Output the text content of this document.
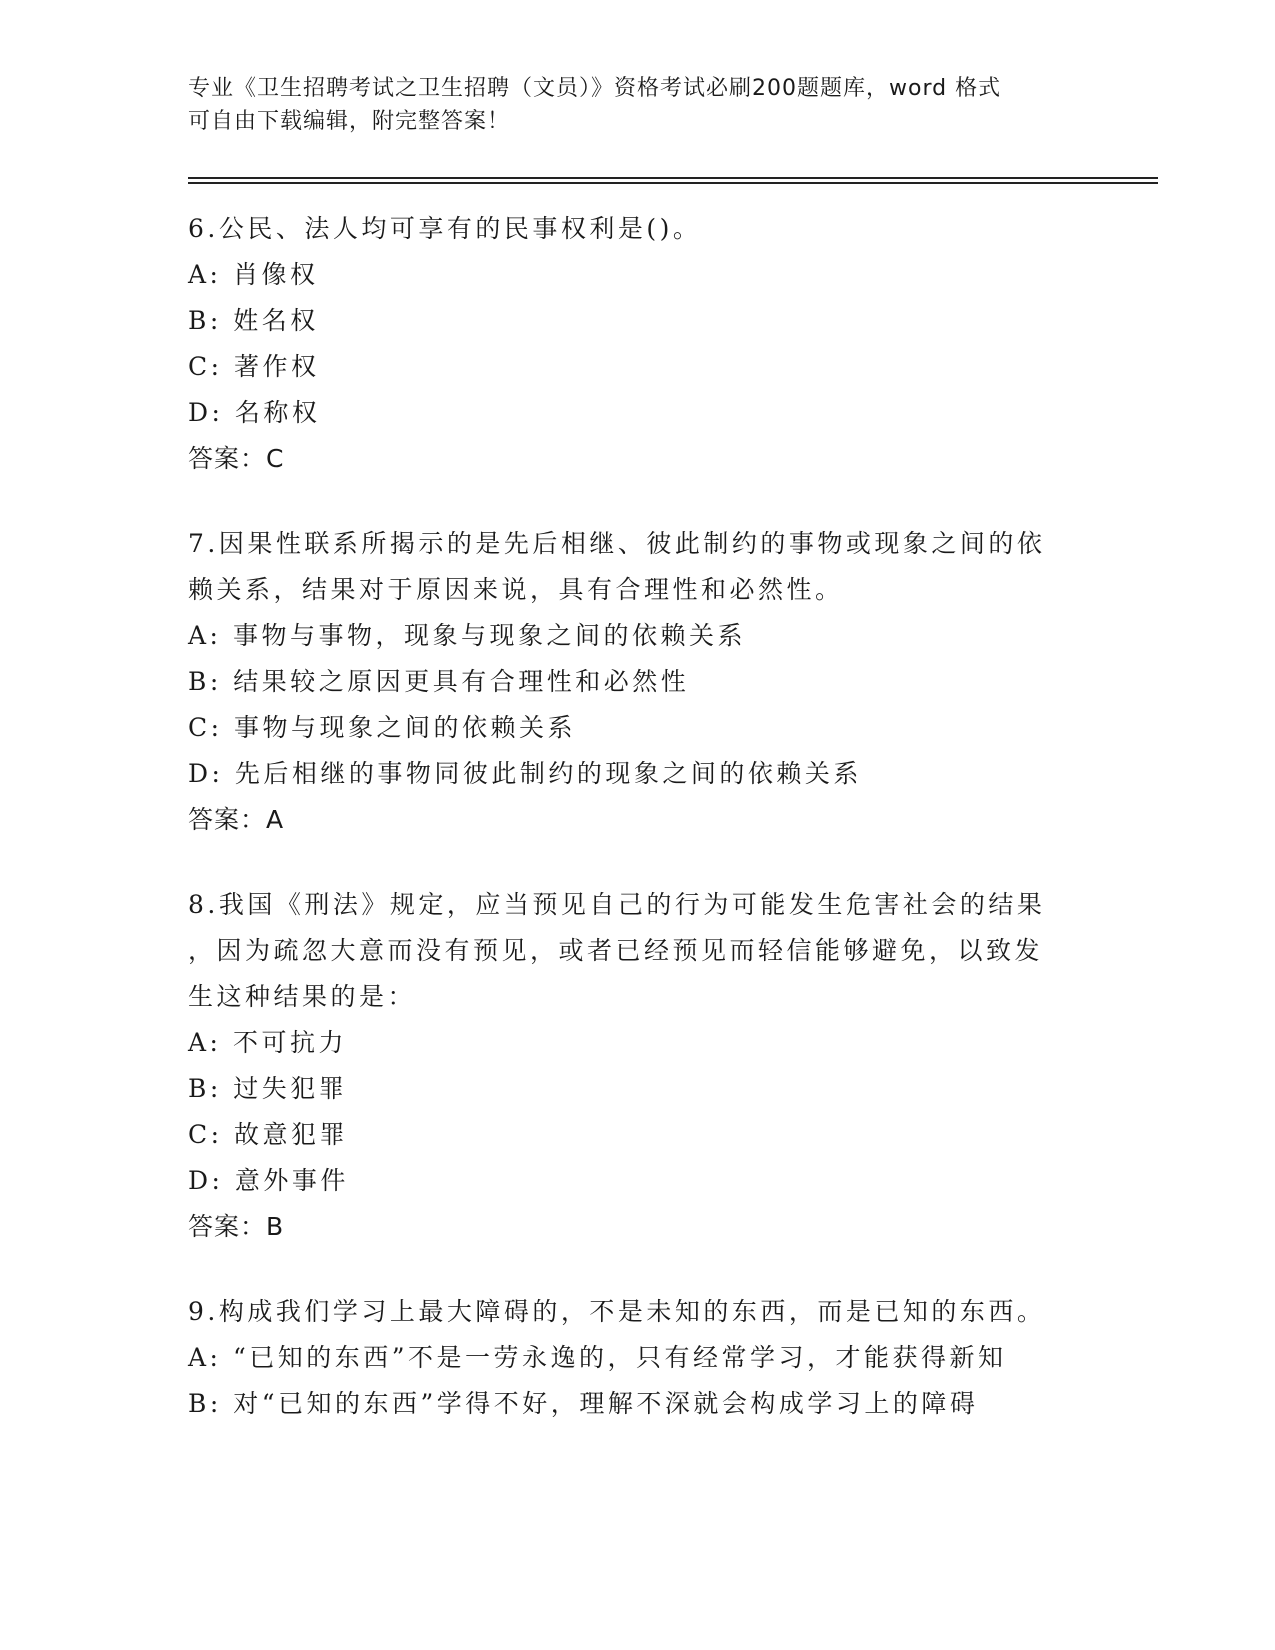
专业《卫生招聘考试之卫生招聘（文员）》资格考试必刷200题题库，word 格式
可自由下载编辑，附完整答案！
6.公民、法人均可享有的民事权利是()。
A: 肖像权
B: 姓名权
C: 著作权
D: 名称权
答案：C
7.因果性联系所揭示的是先后相继、彼此制约的事物或现象之间的依
赖关系，结果对于原因来说，具有合理性和必然性。
A: 事物与事物，现象与现象之间的依赖关系
B: 结果较之原因更具有合理性和必然性
C: 事物与现象之间的依赖关系
D: 先后相继的事物同彼此制约的现象之间的依赖关系
答案：A
8.我国《刑法》规定，应当预见自己的行为可能发生危害社会的结果
，因为疏忽大意而没有预见，或者已经预见而轻信能够避免，以致发
生这种结果的是：
A: 不可抗力
B: 过失犯罪
C: 故意犯罪
D: 意外事件
答案：B
9.构成我们学习上最大障碍的，不是未知的东西，而是已知的东西。
A: “已知的东西”不是一劳永逸的，只有经常学习，才能获得新知
B: 对“已知的东西”学得不好，理解不深就会构成学习上的障碍
